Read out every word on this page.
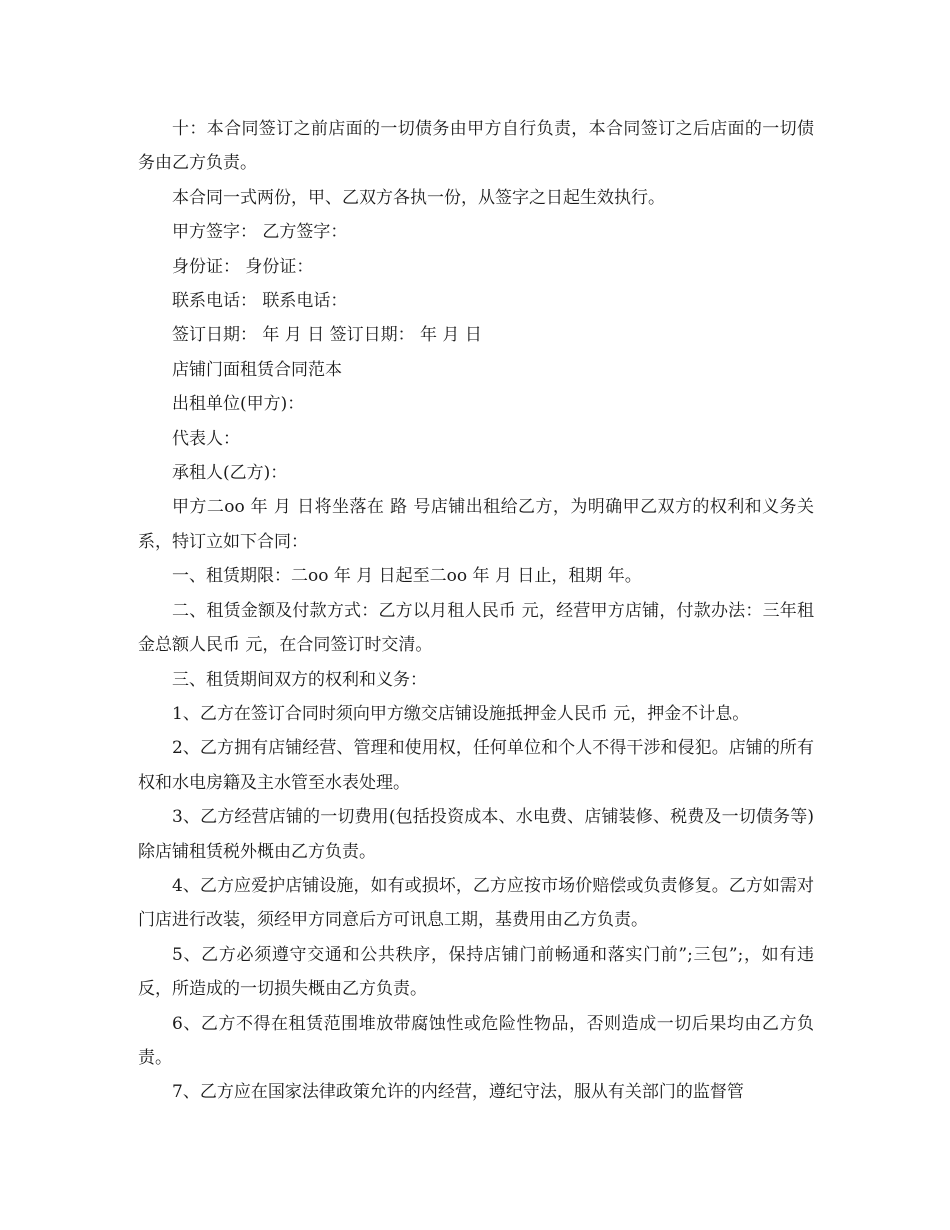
十：本合同签订之前店面的一切债务由甲方自行负责，本合同签订之后店面的一切债务由乙方负责。

本合同一式两份，甲、乙双方各执一份，从签字之日起生效执行。

甲方签字： 乙方签字：

身份证： 身份证：

联系电话： 联系电话：

签订日期： 年 月 日 签订日期： 年 月 日

店铺门面租赁合同范本

出租单位(甲方)：

代表人：

承租人(乙方)：

甲方二oo 年 月 日将坐落在 路 号店铺出租给乙方，为明确甲乙双方的权利和义务关系，特订立如下合同：

一、租赁期限：二oo 年 月 日起至二oo 年 月 日止，租期 年。

二、租赁金额及付款方式：乙方以月租人民币 元，经营甲方店铺，付款办法：三年租金总额人民币 元，在合同签订时交清。

三、租赁期间双方的权利和义务：

1、乙方在签订合同时须向甲方缴交店铺设施抵押金人民币 元，押金不计息。

2、乙方拥有店铺经营、管理和使用权，任何单位和个人不得干涉和侵犯。店铺的所有权和水电房籍及主水管至水表处理。

3、乙方经营店铺的一切费用(包括投资成本、水电费、店铺装修、税费及一切债务等)除店铺租赁税外概由乙方负责。

4、乙方应爱护店铺设施，如有或损坏，乙方应按市场价赔偿或负责修复。乙方如需对门店进行改装，须经甲方同意后方可讯息工期，基费用由乙方负责。

5、乙方必须遵守交通和公共秩序，保持店铺门前畅通和落实门前”;三包”;，如有违反，所造成的一切损失概由乙方负责。

6、乙方不得在租赁范围堆放带腐蚀性或危险性物品，否则造成一切后果均由乙方负责。

7、乙方应在国家法律政策允许的内经营，遵纪守法，服从有关部门的监督管
